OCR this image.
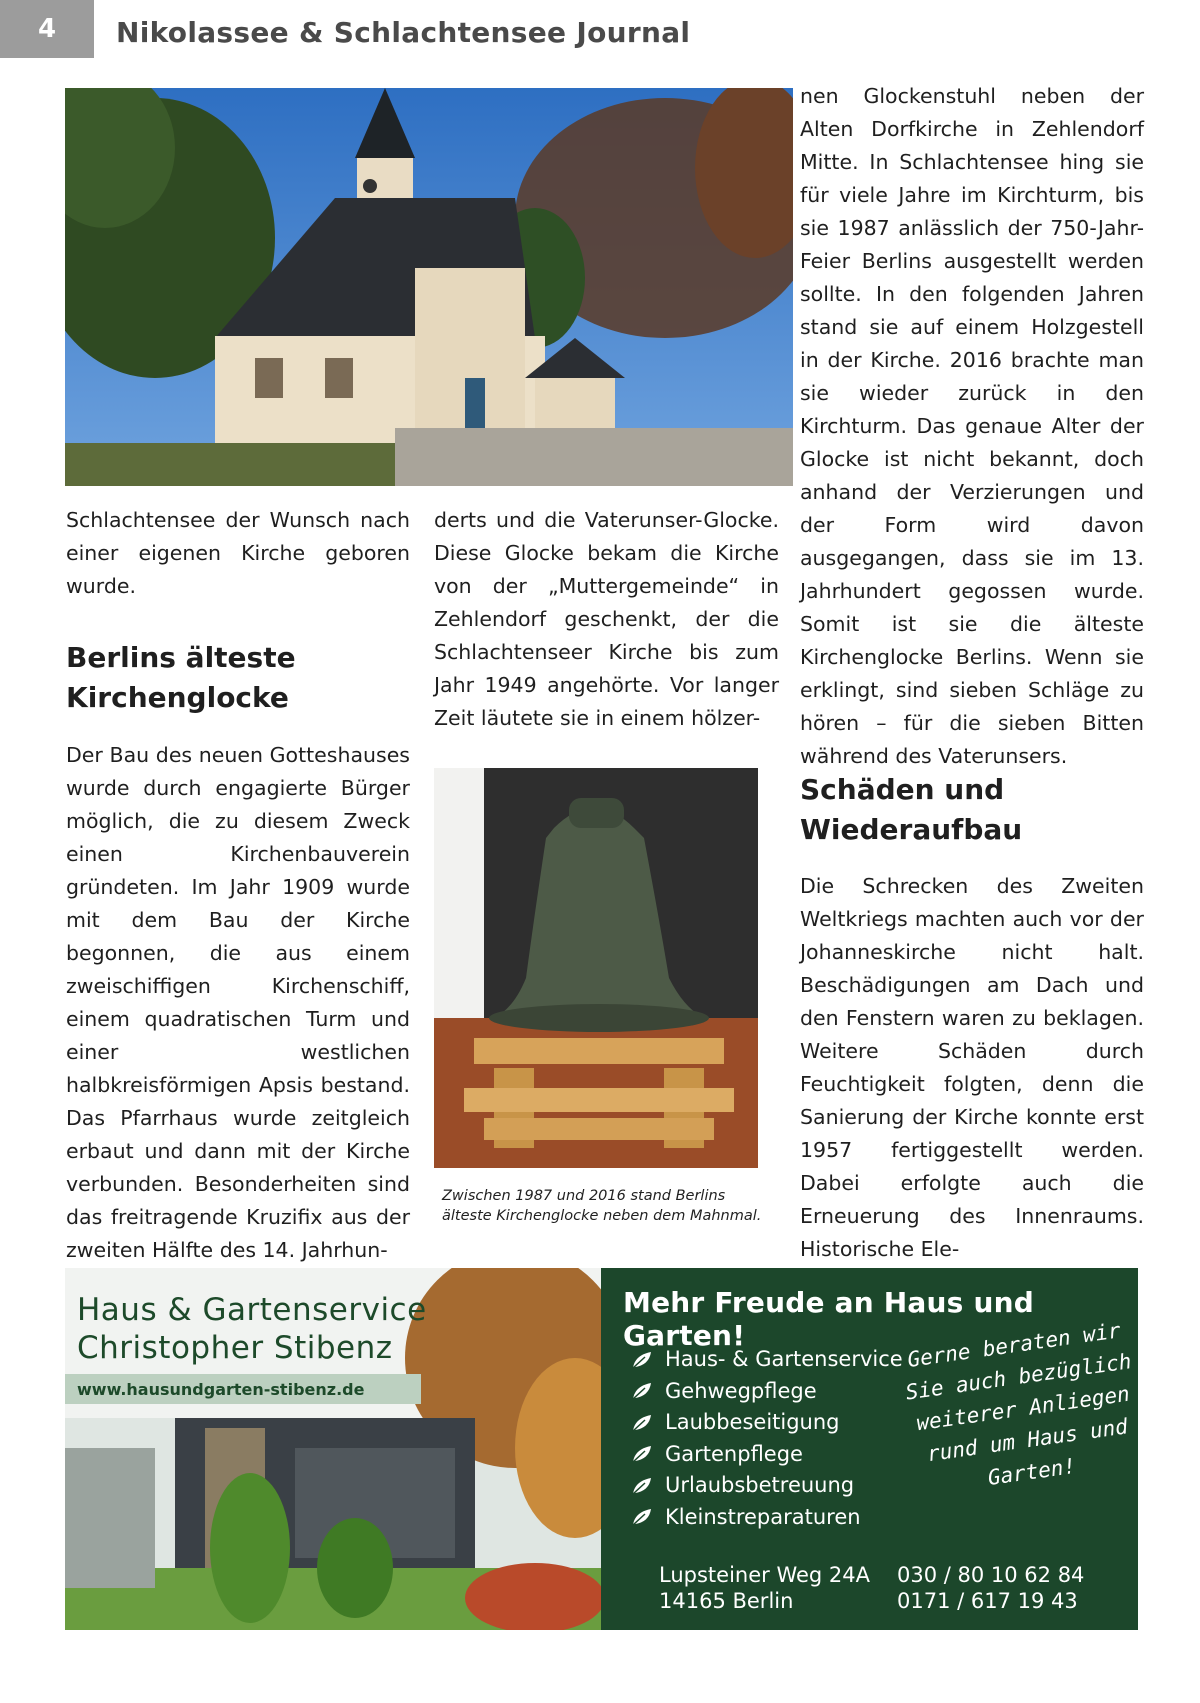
4	Nikolassee & Schlachtensee Journal

Schlachtensee der Wunsch nach einer eigenen Kirche geboren wurde.

Berlins älteste Kirchenglocke

Der Bau des neuen Gotteshauses wurde durch engagierte Bürger möglich, die zu diesem Zweck einen Kirchenbauverein gründeten. Im Jahr 1909 wurde mit dem Bau der Kirche begonnen, die aus einem zweischiffigen Kirchenschiff, einem quadratischen Turm und einer westlichen halbkreisförmigen Apsis bestand. Das Pfarrhaus wurde zeitgleich erbaut und dann mit der Kirche verbunden. Besonderheiten sind das freitragende Kruzifix aus der zweiten Hälfte des 14. Jahrhun-

derts und die Vaterunser-Glocke. Diese Glocke bekam die Kirche von der „Muttergemeinde“ in Zehlendorf geschenkt, der die Schlachtenseer Kirche bis zum Jahr 1949 angehörte. Vor langer Zeit läutete sie in einem hölzer-

Zwischen 1987 und 2016 stand Berlins älteste Kirchenglocke neben dem Mahnmal.

nen Glockenstuhl neben der Alten Dorfkirche in Zehlendorf Mitte. In Schlachtensee hing sie für viele Jahre im Kirchturm, bis sie 1987 anlässlich der 750-Jahr-Feier Berlins ausgestellt werden sollte. In den folgenden Jahren stand sie auf einem Holzgestell in der Kirche. 2016 brachte man sie wieder zurück in den Kirchturm. Das genaue Alter der Glocke ist nicht bekannt, doch anhand der Verzierungen und der Form wird davon ausgegangen, dass sie im 13. Jahrhundert gegossen wurde. Somit ist sie die älteste Kirchenglocke Berlins. Wenn sie erklingt, sind sieben Schläge zu hören – für die sieben Bitten während des Vaterunsers.

Schäden und Wiederaufbau

Die Schrecken des Zweiten Weltkriegs machten auch vor der Johanneskirche nicht halt. Beschädigungen am Dach und den Fenstern waren zu beklagen. Weitere Schäden durch Feuchtigkeit folgten, denn die Sanierung der Kirche konnte erst 1957 fertiggestellt werden. Dabei erfolgte auch die Erneuerung des Innenraums. Historische Ele-

Haus & Gartenservice
Christopher Stibenz
www.hausundgarten-stibenz.de
Mehr Freude an Haus und Garten!
Haus- & Gartenservice
Gehwegpflege
Laubbeseitigung
Gartenpflege
Urlaubsbetreuung
Kleinstreparaturen
Gerne beraten wir Sie auch bezüglich weiterer Anliegen rund um Haus und Garten!
Lupsteiner Weg 24A
14165 Berlin
030 / 80 10 62 84
0171 / 617 19 43
